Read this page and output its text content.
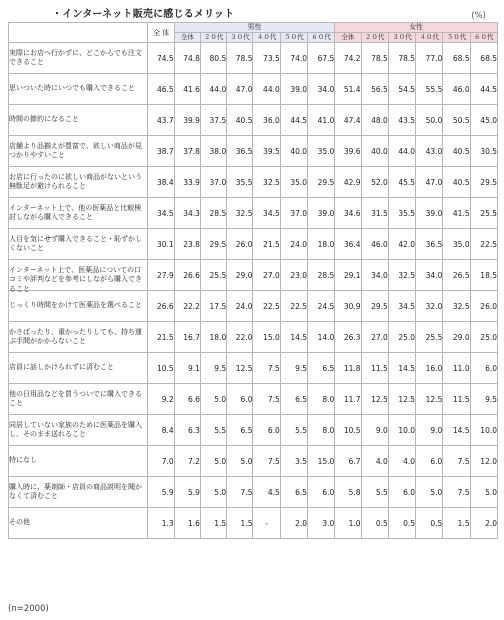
・インターネット販売に感じるメリット	(%)
	全 体	男性						女性					
		全体	２０代	３０代	４０代	５０代	６０代	全体	２０代	３０代	４０代	５０代	６０代

実際にお店へ行かずに、どこからでも注文できること	74.5	74.8	80.5	78.5	73.5	74.0	67.5	74.2	78.5	78.5	77.0	68.5	68.5

思いついた時にいつでも購入できること	46.5	41.6	44.0	47.0	44.0	39.0	34.0	51.4	56.5	54.5	55.5	46.0	44.5

時間の節約になること	43.7	39.9	37.5	40.5	36.0	44.5	41.0	47.4	48.0	43.5	50.0	50.5	45.0

店舗より品揃えが豊富で、欲しい商品が見つかりやすいこと	38.7	37.8	38.0	36.5	39.5	40.0	35.0	39.6	40.0	44.0	43.0	40.5	30.5

お店に行ったのに欲しい商品がないという無駄足が避けられること	38.4	33.9	37.0	35.5	32.5	35.0	29.5	42.9	52.0	45.5	47.0	40.5	29.5

インターネット上で、他の医薬品と比較検討しながら購入できること	34.5	34.3	28.5	32.5	34.5	37.0	39.0	34.6	31.5	35.5	39.0	41.5	25.5

人目を気にせず購入できること・恥ずかしくないこと	30.1	23.8	29.5	26.0	21.5	24.0	18.0	36.4	46.0	42.0	36.5	35.0	22.5

インターネット上で、医薬品についての口コミや評判などを参考にしながら購入できること	27.9	26.6	25.5	29.0	27.0	23.0	28.5	29.1	34.0	32.5	34.0	26.5	18.5

じっくり時間をかけて医薬品を選べること	26.6	22.2	17.5	24.0	22.5	22.5	24.5	30.9	29.5	34.5	32.0	32.5	26.0

かさばったり、重かったりしても、持ち運ぶ手間がかからないこと	21.5	16.7	18.0	22.0	15.0	14.5	14.0	26.3	27.0	25.0	25.5	29.0	25.0

店員に話しかけられずに済むこと	10.5	9.1	9.5	12.5	7.5	9.5	6.5	11.8	11.5	14.5	16.0	11.0	6.0

他の日用品などを買うついでに購入できること	9.2	6.6	5.0	6.0	7.5	6.5	8.0	11.7	12.5	12.5	12.5	11.5	9.5

同居していない家族のために医薬品を購入し、そのまま送れること	8.4	6.3	5.5	6.5	6.0	5.5	8.0	10.5	9.0	10.0	9.0	14.5	10.0

特になし	7.0	7.2	5.0	5.0	7.5	3.5	15.0	6.7	4.0	4.0	6.0	7.5	12.0

購入時に、薬剤師・店員の商品説明を聞かなくて済むこと	5.9	5.9	5.0	7.5	4.5	6.5	6.0	5.8	5.5	6.0	5.0	7.5	5.0

その他	1.3	1.6	1.5	1.5	-	2.0	3.0	1.0	0.5	0.5	0.5	1.5	2.0
(n=2000)
